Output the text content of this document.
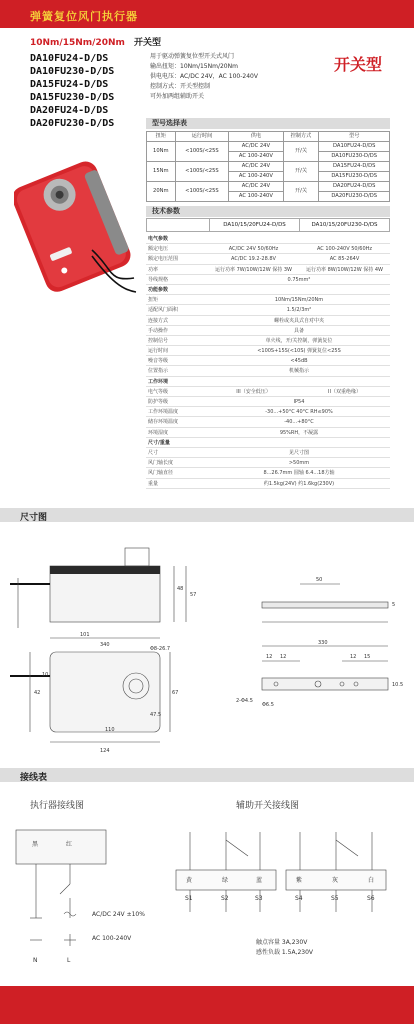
弹簧复位风门执行器
10Nm/15Nm/20Nm 开关型
DA10FU24-D/DS
DA10FU230-D/DS
DA15FU24-D/DS
DA15FU230-D/DS
DA20FU24-D/DS
DA20FU230-D/DS
用于驱动弹簧复位型开关式风门
输出扭矩：10Nm/15Nm/20Nm
供电电压：AC/DC 24V，AC 100-240V
控制方式：开关型控制
可外加两组辅助开关
开关型
型号选择表
扭矩	运行时间	供电	控制方式	型号
10Nm	<100S/<25S	AC/DC 24V	开/关	DA10FU24-D/DS
		AC 100-240V		DA10FU230-D/DS
15Nm	<100S/<25S	AC/DC 24V	开/关	DA15FU24-D/DS
		AC 100-240V		DA15FU230-D/DS
20Nm	<100S/<25S	AC/DC 24V	开/关	DA20FU24-D/DS
		AC 100-240V		DA20FU230-D/DS
技术参数
DA10/15/20FU24-D/DS	DA10/15/20FU230-D/DS
电气参数
额定电压	AC/DC 24V 50/60Hz	AC 100-240V 50/60Hz
额定电压范围	AC/DC 19.2-28.8V	AC 85-264V
功率	运行功率 7W/10W/12W 保持 3W	运行功率 8W/10W/12W 保持 4W
导线规格	0.75mm²
功能参数
扭矩	10Nm/15Nm/20Nm
适配风门面积	1.5/2/3m²
连接方式	螺栓或夹具式自对中夹
手动操作	具备
控制信号	单火线，开/关控制，弹簧复位
运行时间	<100S+15S(<10S) 弹簧复位<25S
噪音等级	<45dB
位置指示	机械指示
工作环境
电气等级	III（安全低压）	II（双重绝缘）
防护等级	IP54
工作环境温度	-30...+50°C 40°C RH≤90%
储存环境温度	-40...+80°C
环境湿度	95%RH，不凝露
尺寸/重量
尺寸	见尺寸图
风门轴长度	>50mm
风门轴直径	8...26.7mm 圆轴 6.4...18方轴
重量	约1.5kg(24V) 约1.6kg(230V)
尺寸图
340
48
57
101
Φ8-26.7
42	67
10
47.5
124
110
50
330
12 12	12 15
10.5
5
Φ6.5
2-Φ4.5
接线表
执行器接线图	辅助开关接线图
黑	红
AC/DC 24V ±10%
AC 100-240V
N	L
黄	绿	蓝	紫	灰	白
S1	S2	S3	S4	S5	S6
触点容量 3A,230V
感性负载 1.5A,230V
